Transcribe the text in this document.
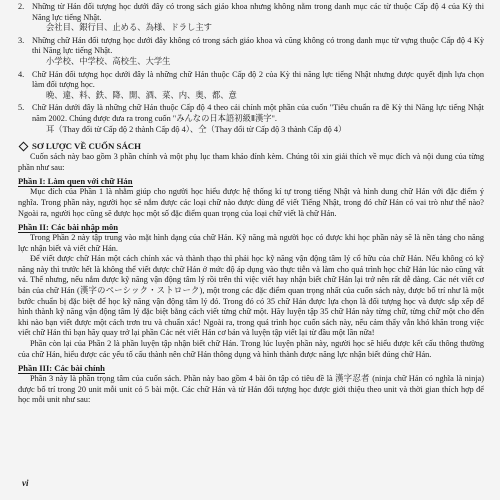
2. Những từ Hán đối tượng học dưới đây có trong sách giáo khoa nhưng không nằm trong danh mục các từ thuộc Cấp độ 4 của Kỳ thi Năng lực tiếng Nhật.
会社目、銀行目、止める、為様、ドラし主す
3. Những chữ Hán đối tượng học dưới đây không có trong sách giáo khoa và cũng không có trong danh mục từ vựng thuộc Cấp độ 4 Kỳ thi Năng lực tiếng Nhật.
小学校、中学校、高校生、大学生
4. Chữ Hán đối tượng học dưới đây là những chữ Hán thuộc Cấp độ 2 của Kỳ thi năng lực tiếng Nhật nhưng được quyết định lựa chọn làm đối tượng học.
晩、違、料、鉄、降、開、酒、菜、内、奥、都、意
5. Chữ Hán dưới đây là những chữ Hán thuộc Cấp độ 4 theo cải chính một phần của cuốn "Tiêu chuẩn ra đề Kỳ thi Năng lực tiếng Nhật năm 2002. Chúng được đưa ra trong cuốn "みんなの日本語初級Ⅱ漢字".
耳（Thay đổi từ Cấp độ 2 thành Cấp độ 4）、仝（Thay đổi từ Cấp độ 3 thành Cấp độ 4）
SƠ LƯỢC VỀ CUỐN SÁCH

Cuốn sách này bao gồm 3 phần chính và một phụ lục tham khảo đính kèm. Chúng tôi xin giải thích về mục đích và nội dung của từng phần như sau:

Phần I: Làm quen với chữ Hán

Mục đích của Phần 1 là nhằm giúp cho người học hiểu được hệ thống kí tự trong tiếng Nhật và hình dung chữ Hán với đặc điểm ý nghĩa. Trong phần này, người học sẽ nắm được các loại chữ nào được dùng để viết Tiếng Nhật, trong đó chữ Hán có vai trò như thế nào? Ngoài ra, người học cũng sẽ được học một số đặc điểm quan trọng của loại chữ viết là chữ Hán.

Phần II: Các bài nhập môn

Trong Phần 2 này tập trung vào mặt hình dạng của chữ Hán. Kỹ năng mà người học có được khi học phần này sẽ là nền tảng cho năng lực nhận biết và viết chữ Hán.

Để viết được chữ Hán một cách chính xác và thành thạo thì phải học kỹ năng vận động tâm lý cổ hữu của chữ Hán. Nếu không có kỹ năng này thì trước hết là không thể viết được chữ Hán ở mức độ áp dụng vào thực tiễn và làm cho quá trình học chữ Hán lúc nào cũng vất vả. Thế nhưng, nếu nắm được kỹ năng vận động tâm lý rồi trên thì việc viết hay nhận biết chữ Hán lại trở nên rất dễ dàng. Các nét viết cơ bản của chữ Hán (漢字のベーシック・ストローク), một trong các đặc điểm quan trọng nhất của cuốn sách này, được bố trí như là một bước chuẩn bị đặc biệt để học kỹ năng vận động tâm lý đó. Trong đó có 35 chữ Hán được lựa chọn là đối tượng học và được sắp xếp để hình thành kỹ năng vận động tâm lý đặc biệt bằng cách viết từng chữ một. Hãy luyện tập 35 chữ Hán này từng chữ, từng chữ một cho đến khi nào bạn viết được một cách trơn tru và chuẩn xác! Ngoài ra, trong quá trình học cuốn sách này, nếu cảm thấy vẫn khó khăn trong việc viết chữ Hán thì bạn hãy quay trở lại phần Các nét viết Hán cơ bản và luyện tập viết lại từ đầu một lần nữa!

Phần còn lại của Phần 2 là phần luyện tập nhận biết chữ Hán. Trong lúc luyện phần này, người học sẽ hiểu được kết cấu thông thường của chữ Hán, hiểu được các yếu tố cấu thành nên chữ Hán thông dụng và hình thành được năng lực nhận biết đúng chữ Hán.

Phần III: Các bài chính

Phần 3 này là phần trọng tâm của cuốn sách. Phần này bao gồm 4 bài ôn tập có tiêu đề là 漢字忍者 (ninja chữ Hán có nghĩa là ninja) được bố trí trong 20 unit mỗi unit có 5 bài một. Các chữ Hán và từ Hán đối tượng học được giới thiệu theo unit và thời gian thích hợp để học mỗi unit như sau:

vi
